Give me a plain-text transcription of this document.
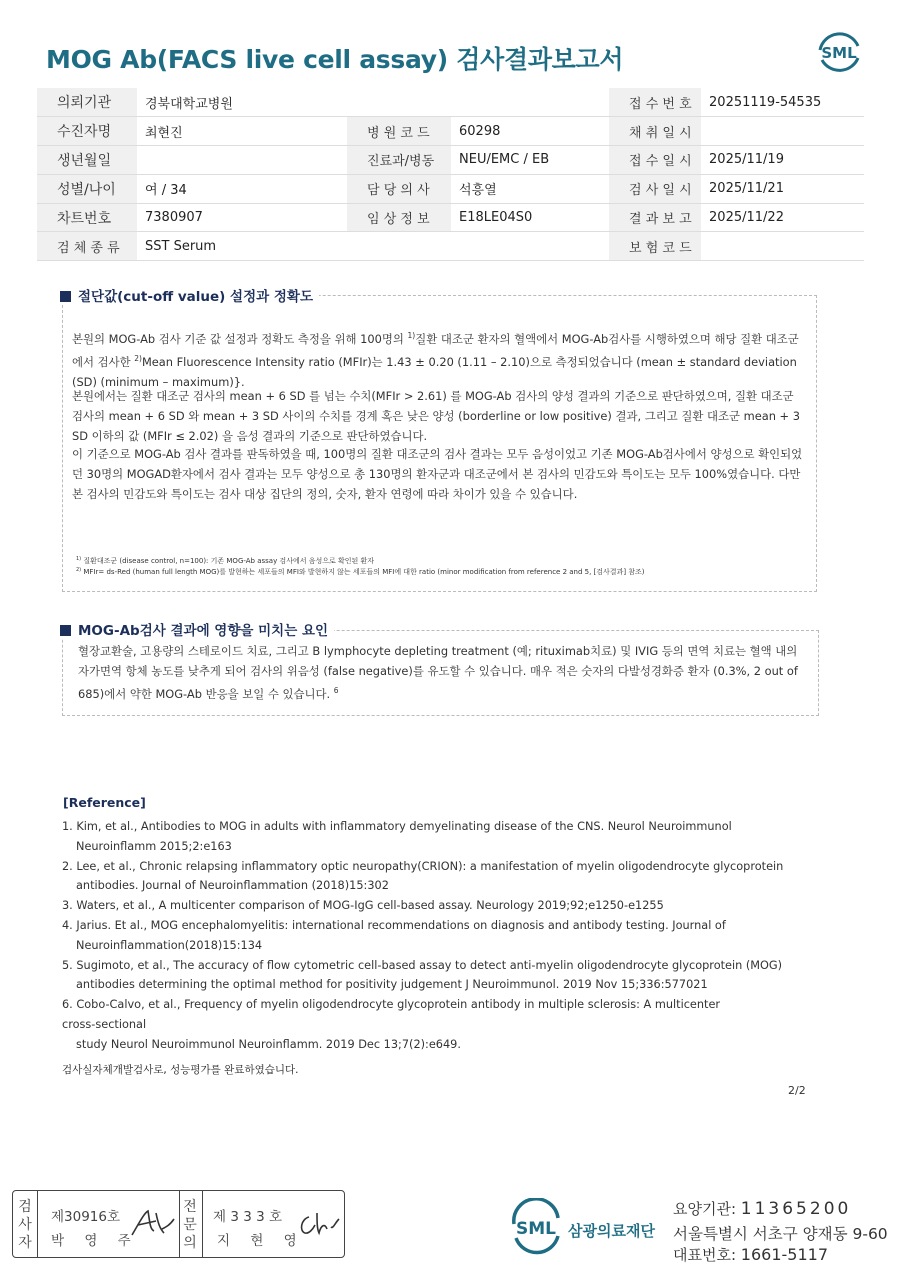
MOG Ab(FACS live cell assay) 검사결과보고서	SML
의뢰기관	경북대학교병원				접 수 번 호	20251119-54535
수진자명	최현진	병 원 코 드	60298		채 취 일 시	
생년월일		진료과/병동	NEU/EMC / EB		접 수 일 시	2025/11/19
성별/나이	여 / 34	담 당 의 사	석흥열		검 사 일 시	2025/11/21
차트번호	7380907	임 상 정 보	E18LE04S0		결 과 보 고	2025/11/22
검 체 종 류	SST Serum				보 험 코 드	
절단값(cut-off value) 설정과 정확도
본원의 MOG-Ab 검사 기준 값 설정과 정확도 측정을 위해 100명의 $^{1)}$질환 대조군 환자의 혈액에서 MOG-Ab검사를 시행하였으며 해당 질환 대조군에서 검사한 $^{2)}$Mean Fluorescence Intensity ratio (MFIr)는 1.43 ± 0.20 (1.11 – 2.10)으로 측정되었습니다 (mean ± standard deviation (SD) (minimum – maximum)}.
본원에서는 질환 대조군 검사의 mean + 6 SD 를 넘는 수치(MFIr > 2.61) 를 MOG-Ab 검사의 양성 결과의 기준으로 판단하였으며, 질환 대조군 검사의 mean + 6 SD 와 mean + 3 SD 사이의 수치를 경계 혹은 낮은 양성 (borderline or low positive) 결과, 그리고 질환 대조군 mean + 3 SD 이하의 값 (MFIr ≤ 2.02) 을 음성 결과의 기준으로 판단하였습니다.
이 기준으로 MOG-Ab 검사 결과를 판독하였을 때, 100명의 질환 대조군의 검사 결과는 모두 음성이었고 기존 MOG-Ab검사에서 양성으로 확인되었던 30명의 MOGAD환자에서 검사 결과는 모두 양성으로 총 130명의 환자군과 대조군에서 본 검사의 민감도와 특이도는 모두 100%였습니다. 다만 본 검사의 민감도와 특이도는 검사 대상 집단의 정의, 숫자, 환자 연령에 따라 차이가 있을 수 있습니다.
$^{1)}$ 질환대조군 (disease control, n=100): 기존 MOG-Ab assay 검사에서 음성으로 확인된 환자
$^{2)}$ MFIr= ds-Red (human full length MOG)를 발현하는 세포들의 MFI와 발현하지 않는 세포들의 MFI에 대한 ratio (minor modification from reference 2 and 5, [검사결과] 참조)
MOG-Ab검사 결과에 영향을 미치는 요인
혈장교환술, 고용량의 스테로이드 치료, 그리고 B lymphocyte depleting treatment (예; rituximab치료) 및 IVIG 등의 면역 치료는 혈액 내의 자가면역 항체 농도를 낮추게 되어 검사의 위음성 (false negative)를 유도할 수 있습니다. 매우 적은 숫자의 다발성경화증 환자 (0.3%, 2 out of 685)에서 약한 MOG-Ab 반응을 보일 수 있습니다. $^6$
[Reference]
1. Kim, et al., Antibodies to MOG in adults with inflammatory demyelinating disease of the CNS. Neurol Neuroimmunol
Neuroinflamm 2015;2:e163
2. Lee, et al., Chronic relapsing inflammatory optic neuropathy(CRION): a manifestation of myelin oligodendrocyte glycoprotein
antibodies. Journal of Neuroinflammation (2018)15:302
3. Waters, et al., A multicenter comparison of MOG-IgG cell-based assay. Neurology 2019;92;e1250-e1255
4. Jarius. Et al., MOG encephalomyelitis: international recommendations on diagnosis and antibody testing. Journal of
Neuroinflammation(2018)15:134
5. Sugimoto, et al., The accuracy of flow cytometric cell-based assay to detect anti-myelin oligodendrocyte glycoprotein (MOG)
antibodies determining the optimal method for positivity judgement J Neuroimmunol. 2019 Nov 15;336:577021
6. Cobo-Calvo, et al., Frequency of myelin oligodendrocyte glycoprotein antibody in multiple sclerosis: A multicenter
cross-sectional
study Neurol Neuroimmunol Neuroinflamm. 2019 Dec 13;7(2):e649.
검사실자체개발검사로, 성능평가를 완료하였습니다.
2/2
검
사
자
제30916호
박 영 주
전
문
의
제 3 3 3 호
지 현 영
SML 삼광의료재단
요양기관: 11365200
서울특별시 서초구 양재동 9-60
대표번호: 1661-5117
